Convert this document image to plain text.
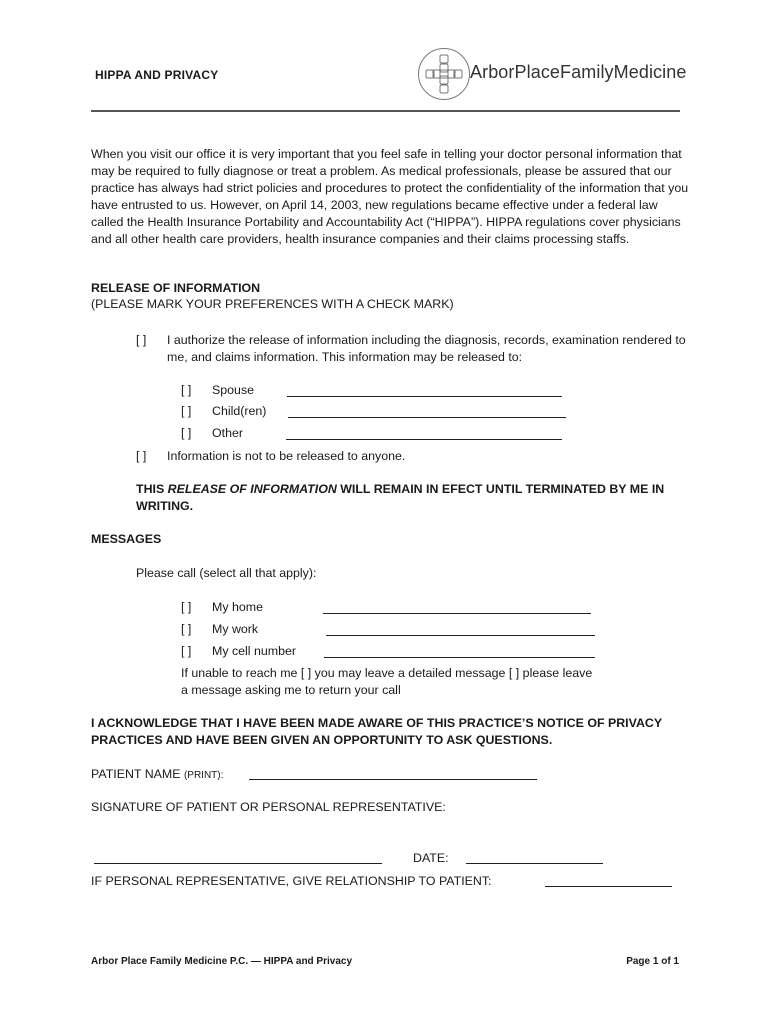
HIPPA AND PRIVACY	ArborPlaceFamilyMedicine
When you visit our office it is very important that you feel safe in telling your doctor personal information that may be required to fully diagnose or treat a problem. As medical professionals, please be assured that our practice has always had strict policies and procedures to protect the confidentiality of the information that you have entrusted to us. However, on April 14, 2003, new regulations became effective under a federal law called the Health Insurance Portability and Accountability Act (“HIPPA”). HIPPA regulations cover physicians and all other health care providers, health insurance companies and their claims processing staffs.
RELEASE OF INFORMATION
(PLEASE MARK YOUR PREFERENCES WITH A CHECK MARK)
[ ] I authorize the release of information including the diagnosis, records, examination rendered to me, and claims information. This information may be released to:
[ ] Spouse
[ ] Child(ren)
[ ] Other
[ ] Information is not to be released to anyone.
THIS RELEASE OF INFORMATION WILL REMAIN IN EFECT UNTIL TERMINATED BY ME IN WRITING.
MESSAGES
Please call (select all that apply):
[ ] My home
[ ] My work
[ ] My cell number
If unable to reach me [ ] you may leave a detailed message [ ] please leave
a message asking me to return your call
I ACKNOWLEDGE THAT I HAVE BEEN MADE AWARE OF THIS PRACTICE’S NOTICE OF PRIVACY PRACTICES AND HAVE BEEN GIVEN AN OPPORTUNITY TO ASK QUESTIONS.
PATIENT NAME (PRINT):
SIGNATURE OF PATIENT OR PERSONAL REPRESENTATIVE:
DATE:
IF PERSONAL REPRESENTATIVE, GIVE RELATIONSHIP TO PATIENT:
Arbor Place Family Medicine P.C. — HIPPA and Privacy	Page 1 of 1
